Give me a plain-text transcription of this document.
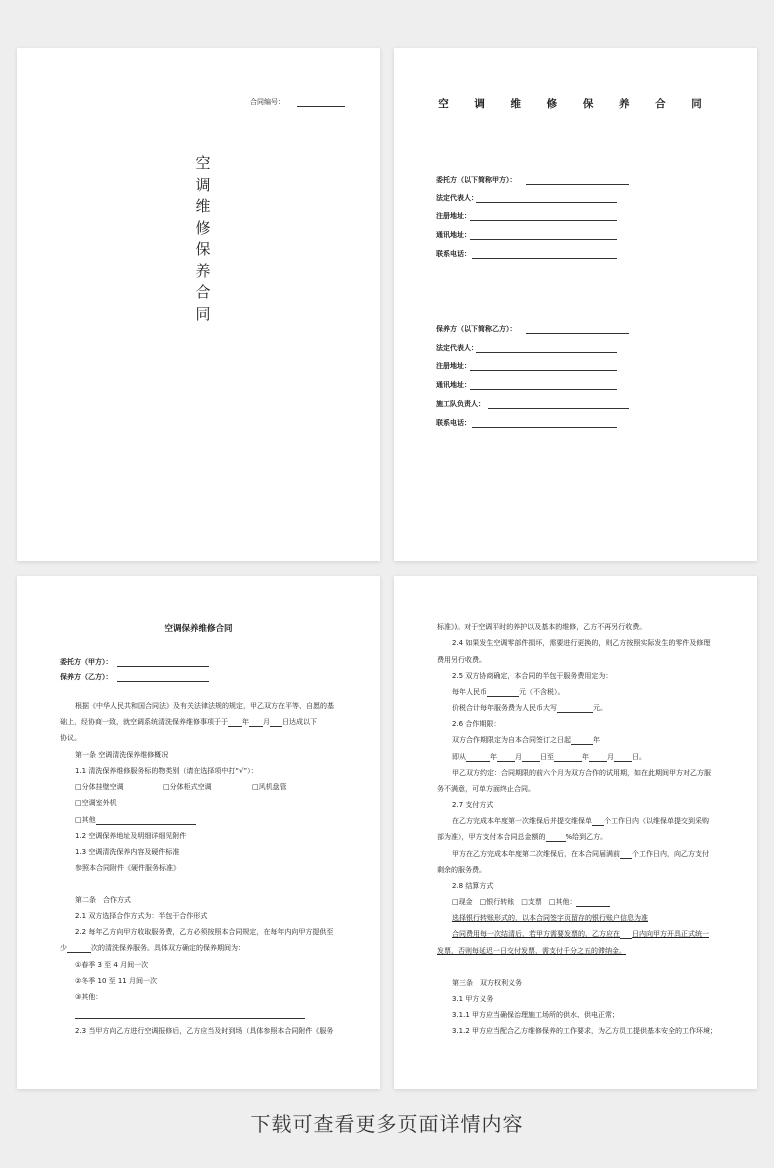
合同编号：
空
调
维
修
保
养
合
同
空 调 维 修 保 养 合 同
委托方（以下简称甲方）：
法定代表人：
注册地址：
通讯地址：
联系电话：
保养方（以下简称乙方）：
法定代表人：
注册地址：
通讯地址：
施工队负责人：
联系电话：
空调保养维修合同
委托方（甲方）：
保养方（乙方）：
根据《中华人民共和国合同法》及有关法律法规的规定，甲乙双方在平等、自愿的基
础上，经协商一致，就空调系统清洗保养维修事项于于 年 月 日达成以下
协议。
第一条 空调清洗保养维修概况
1.1 清洗保养维修服务标的物类别（请在选择项中打“√”）：
□分体挂壁空调	□分体柜式空调	□风机盘管
□空调室外机
□其他
1.2 空调保养地址及明细详细见附件
1.3 空调清洗保养内容及硬件标准
参照本合同附件《硬件服务标准》
第二条　合作方式
2.1 双方选择合作方式为：半包干合作形式
2.2 每年乙方向甲方收取服务费，乙方必须按照本合同规定，在每年内向甲方提供至
少	次的清洗保养服务。具体双方确定的保养期间为：
①春季 3 至 4 月间一次
②冬季 10 至 11 月间一次
③其他：
2.3 当甲方向乙方进行空调报修后，乙方应当及时到场（具体参照本合同附件《服务
标准》)。对于空调平时的养护以及基本的维修，乙方不再另行收费。
2.4 如果发生空调零部件损坏，需要进行更换的，则乙方按照实际发生的零件及修理
费用另行收费。
2.5 双方协商确定，本合同的半包干服务费用定为：
每年人民币	元（不含税）。
价税合计每年服务费为人民币大写	元。
2.6 合作期限：
双方合作期限定为自本合同签订之日起	年
即从	年	月	日至	年	月	日。
甲乙双方约定：合同期限的前六个月为双方合作的试用期，如在此期间甲方对乙方服
务不满意，可单方面终止合同。
2.7 支付方式
在乙方完成本年度第一次维保后并提交维保单 个工作日内（以维保单提交到采购
部为准），甲方支付本合同总金额的	%给到乙方。
甲方在乙方完成本年度第二次维保后，在本合同届满前 个工作日内，向乙方支付
剩余的服务费。
2.8 结算方式
□现金　□银行转账　□支票　□其他：
选择银行转账形式的，以本合同签字页留存的银行账户信息为准
合同费用每一次结清后，若甲方需要发票的，乙方应在 日内向甲方开具正式统一
发票，否则每延迟一日交付发票，需支付千分之五的滞纳金。
第三条　双方权利义务
3.1 甲方义务
3.1.1 甲方应当确保治理施工场所的供水、供电正常；
3.1.2 甲方应当配合乙方维修保养的工作要求，为乙方员工提供基本安全的工作环境；
下载可查看更多页面详情内容
